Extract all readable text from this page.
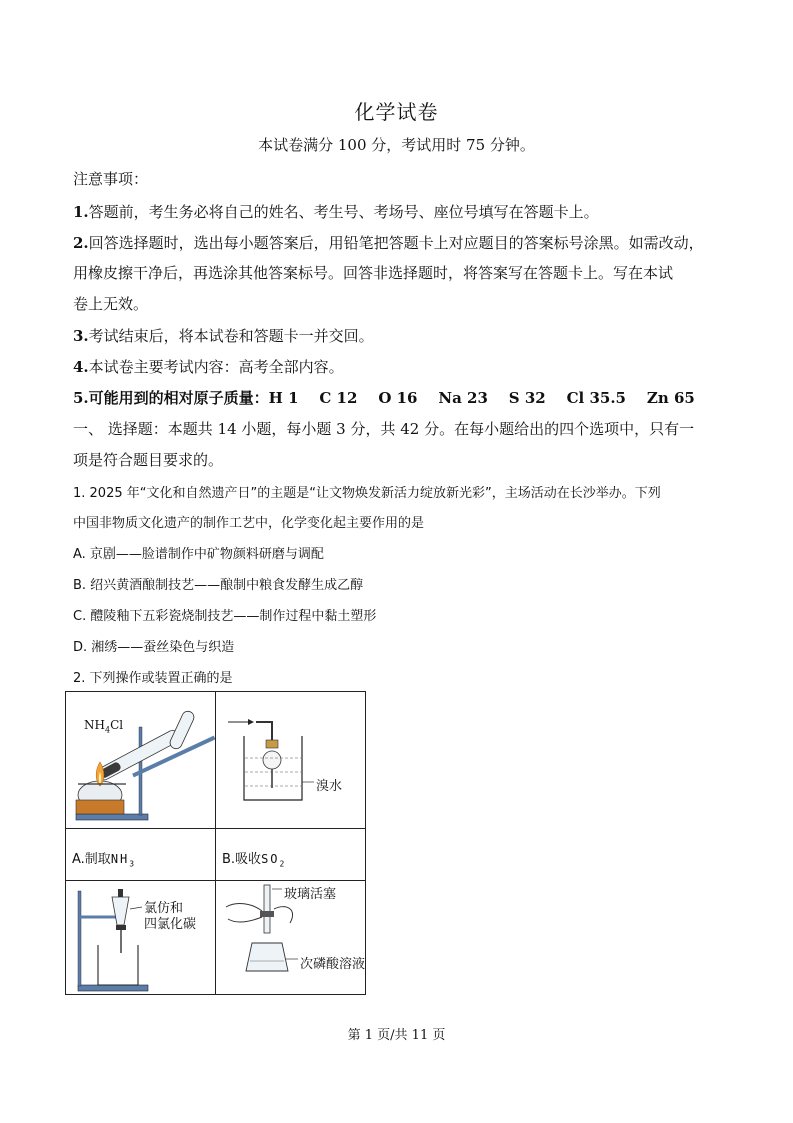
化学试卷
本试卷满分 100 分，考试用时 75 分钟。
注意事项：
1.答题前，考生务必将自己的姓名、考生号、考场号、座位号填写在答题卡上。
2.回答选择题时，选出每小题答案后，用铅笔把答题卡上对应题目的答案标号涂黑。如需改动，
用橡皮擦干净后，再选涂其他答案标号。回答非选择题时，将答案写在答题卡上。写在本试
卷上无效。
3.考试结束后，将本试卷和答题卡一并交回。
4.本试卷主要考试内容：高考全部内容。
5.可能用到的相对原子质量：H 1    C 12    O 16    Na 23    S 32    Cl 35.5    Zn 65
一、 选择题：本题共 14 小题，每小题 3 分，共 42 分。在每小题给出的四个选项中，只有一
项是符合题目要求的。
1. 2025 年“文化和自然遗产日”的主题是“让文物焕发新活力绽放新光彩”，主场活动在长沙举办。下列
中国非物质文化遗产的制作工艺中，化学变化起主要作用的是
A. 京剧——脸谱制作中矿物颜料研磨与调配
B. 绍兴黄酒酿制技艺——酿制中粮食发酵生成乙醇
C. 醴陵釉下五彩瓷烧制技艺——制作过程中黏土塑形
D. 湘绣——蚕丝染色与织造
2. 下列操作或装置正确的是
$NH_4Cl$
溴水
A.制取$NH_3$	B.吸收$SO_2$
氯仿和
四氯化碳
玻璃活塞
次磷酸溶液
第 1 页/共 11 页
